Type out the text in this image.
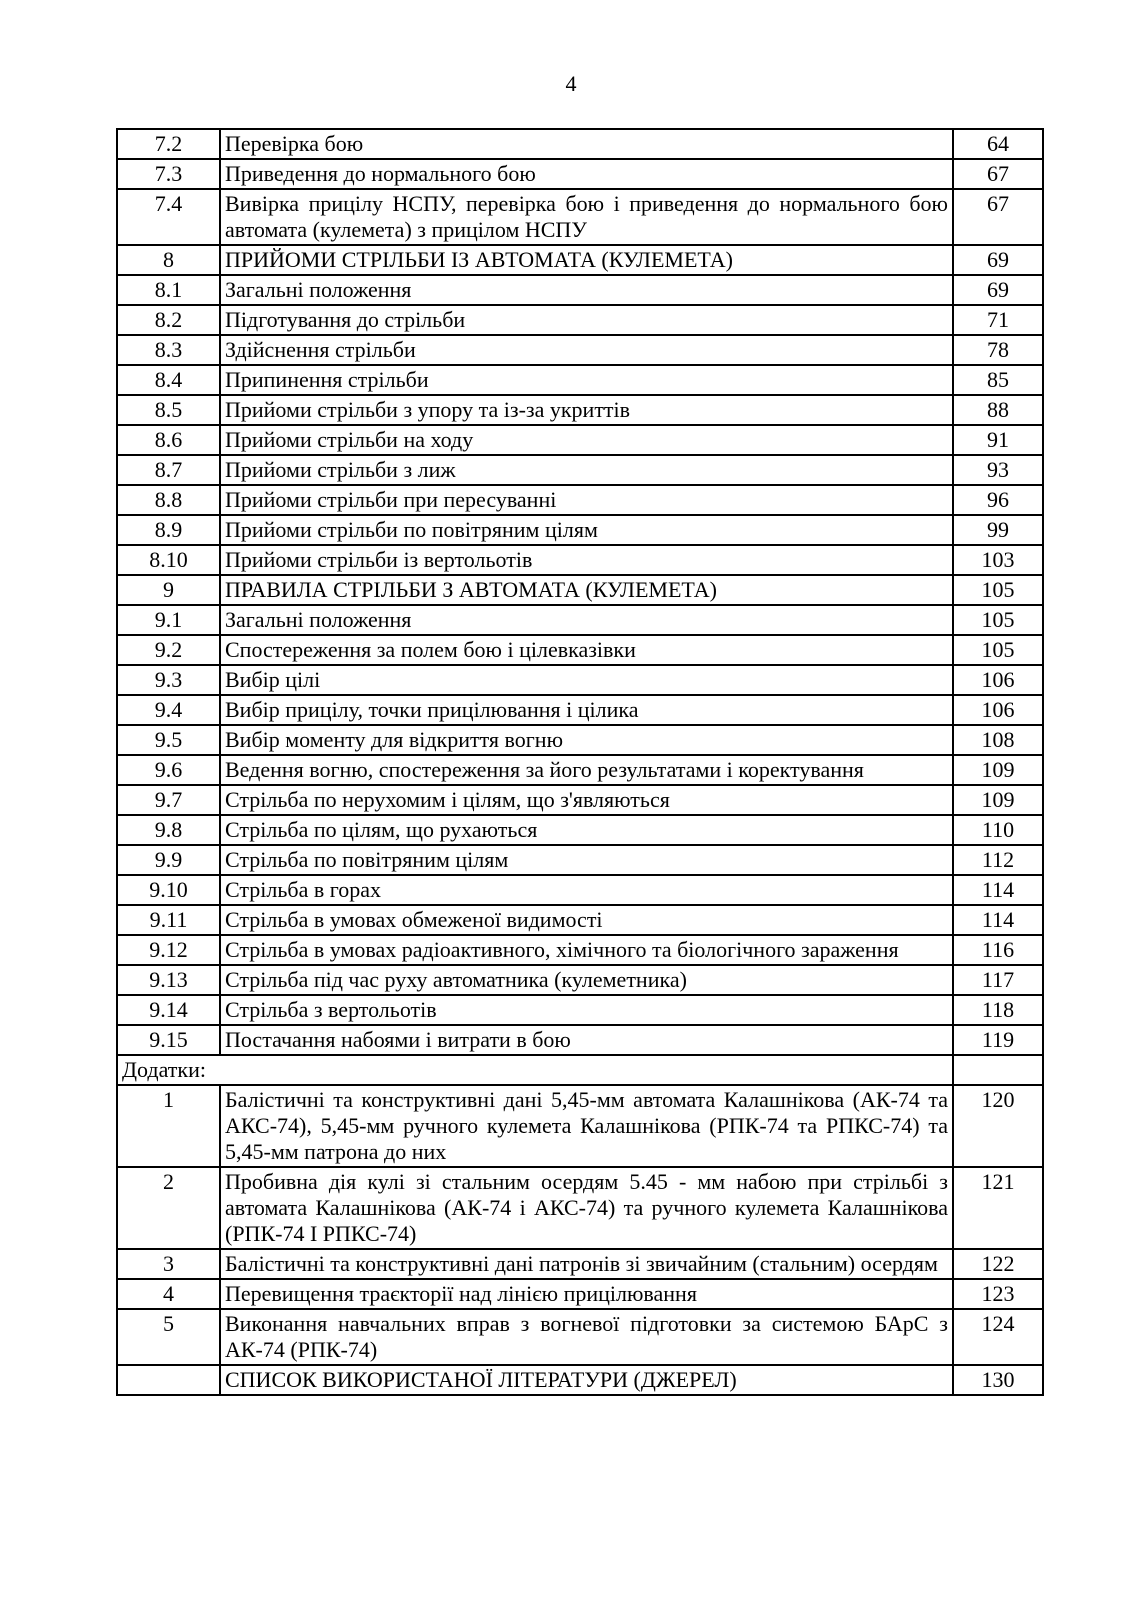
4
7.2	Перевірка бою	64
7.3	Приведення до нормального бою	67
7.4	Вивірка прицілу НСПУ, перевірка бою і приведення до нормального бою автомата (кулемета) з прицілом НСПУ	67
8	ПРИЙОМИ СТРІЛЬБИ ІЗ АВТОМАТА (КУЛЕМЕТА)	69
8.1	Загальні положення	69
8.2	Підготування до стрільби	71
8.3	Здійснення стрільби	78
8.4	Припинення стрільби	85
8.5	Прийоми стрільби з упору та із-за укриттів	88
8.6	Прийоми стрільби на ходу	91
8.7	Прийоми стрільби з лиж	93
8.8	Прийоми стрільби при пересуванні	96
8.9	Прийоми стрільби по повітряним цілям	99
8.10	Прийоми стрільби із вертольотів	103
9	ПРАВИЛА СТРІЛЬБИ З АВТОМАТА (КУЛЕМЕТА)	105
9.1	Загальні положення	105
9.2	Спостереження за полем бою і цілевказівки	105
9.3	Вибір цілі	106
9.4	Вибір прицілу, точки прицілювання і цілика	106
9.5	Вибір моменту для відкриття вогню	108
9.6	Ведення вогню, спостереження за його результатами і коректування	109
9.7	Стрільба по нерухомим і цілям, що з'являються	109
9.8	Стрільба по цілям, що рухаються	110
9.9	Стрільба по повітряним цілям	112
9.10	Стрільба в горах	114
9.11	Стрільба в умовах обмеженої видимості	114
9.12	Стрільба в умовах радіоактивного, хімічного та біологічного зараження	116
9.13	Стрільба під час руху автоматника (кулеметника)	117
9.14	Стрільба з вертольотів	118
9.15	Постачання набоями і витрати в бою	119
Додатки:		
1	Балістичні та конструктивні дані 5,45-мм автомата Калашнікова (АК-74 та АКС-74), 5,45-мм ручного кулемета Калашнікова (РПК-74 та РПКС-74) та 5,45-мм патрона до них	120
2	Пробивна дія кулі зі стальним осердям 5.45 - мм набою при стрільбі з автомата Калашнікова (АК-74 і АКС-74) та ручного кулемета Калашнікова (РПК-74 І РПКС-74)	121
3	Балістичні та конструктивні дані патронів зі звичайним (стальним) осердям	122
4	Перевищення траєкторії над лінією прицілювання	123
5	Виконання навчальних вправ з вогневої підготовки за системою БАрС з АК-74 (РПК-74)	124
	СПИСОК ВИКОРИСТАНОЇ ЛІТЕРАТУРИ (ДЖЕРЕЛ)	130
